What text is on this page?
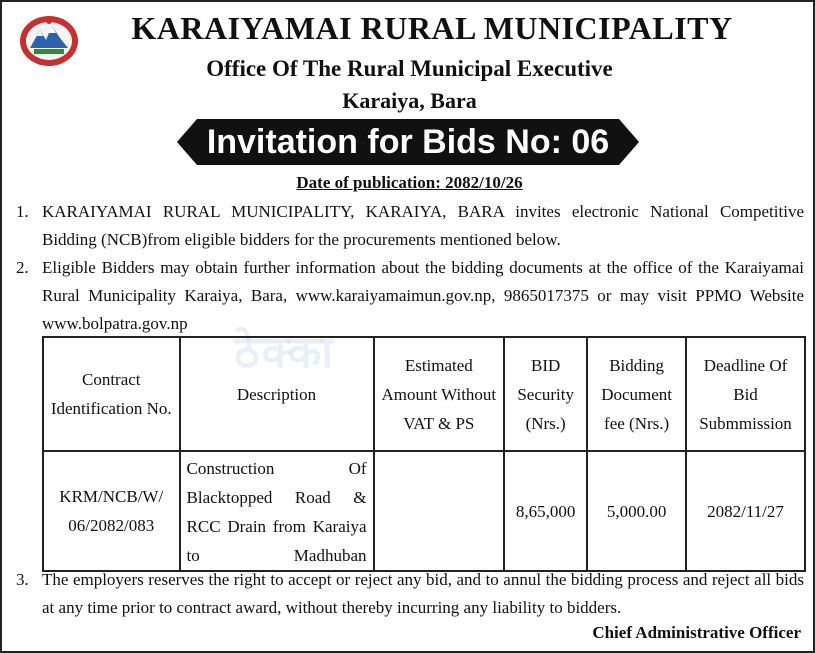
KARAIYAMAI RURAL MUNICIPALITY
Office Of The Rural Municipal Executive
Karaiya, Bara
Invitation for Bids No: 06
Date of publication: 2082/10/26
1. KARAIYAMAI RURAL MUNICIPALITY, KARAIYA, BARA invites electronic National Competitive Bidding (NCB)from eligible bidders for the procurements mentioned below.
2. Eligible Bidders may obtain further information about the bidding documents at the office of the Karaiyamai Rural Municipality Karaiya, Bara, www.karaiyamaimun.gov.np, 9865017375 or may visit PPMO Website www.bolpatra.gov.np
ठेक्का
Contract Identification No.	Description	Estimated Amount Without VAT & PS	BID Security (Nrs.)	Bidding Document fee (Nrs.)	Deadline Of Bid Submmission
KRM/NCB/W/ 06/2082/083	Construction Of Blacktopped Road & RCC Drain from Karaiya to Madhuban		8,65,000	5,000.00	2082/11/27
3. The employers reserves the right to accept or reject any bid, and to annul the bidding process and reject all bids at any time prior to contract award, without thereby incurring any liability to bidders.
Chief Administrative Officer
